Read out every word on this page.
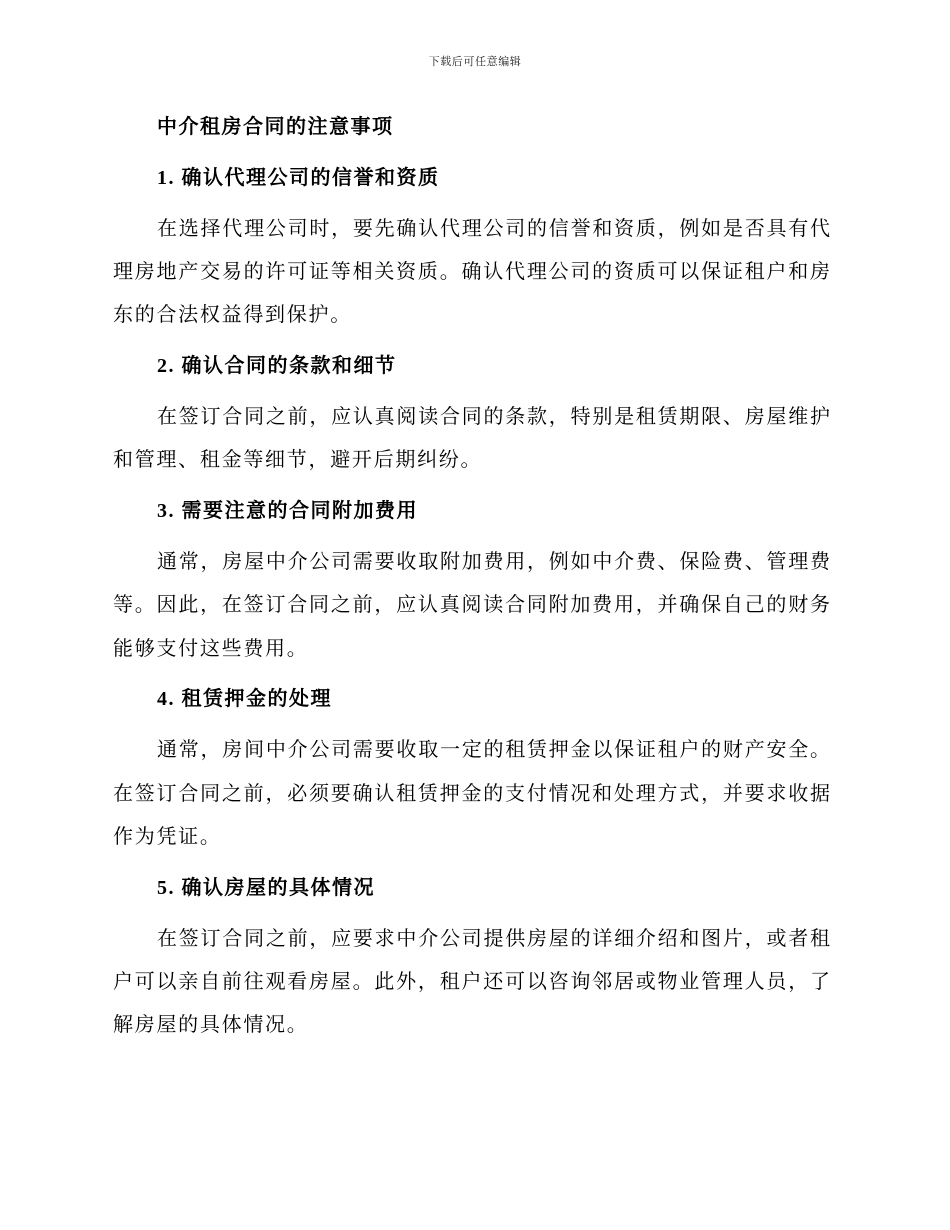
下载后可任意编辑
中介租房合同的注意事项
1. 确认代理公司的信誉和资质
在选择代理公司时，要先确认代理公司的信誉和资质，例如是否具有代
理房地产交易的许可证等相关资质。确认代理公司的资质可以保证租户和房
东的合法权益得到保护。
2. 确认合同的条款和细节
在签订合同之前，应认真阅读合同的条款，特别是租赁期限、房屋维护
和管理、租金等细节，避开后期纠纷。
3. 需要注意的合同附加费用
通常，房屋中介公司需要收取附加费用，例如中介费、保险费、管理费
等。因此，在签订合同之前，应认真阅读合同附加费用，并确保自己的财务
能够支付这些费用。
4. 租赁押金的处理
通常，房间中介公司需要收取一定的租赁押金以保证租户的财产安全。
在签订合同之前，必须要确认租赁押金的支付情况和处理方式，并要求收据
作为凭证。
5. 确认房屋的具体情况
在签订合同之前，应要求中介公司提供房屋的详细介绍和图片，或者租
户可以亲自前往观看房屋。此外，租户还可以咨询邻居或物业管理人员，了
解房屋的具体情况。
